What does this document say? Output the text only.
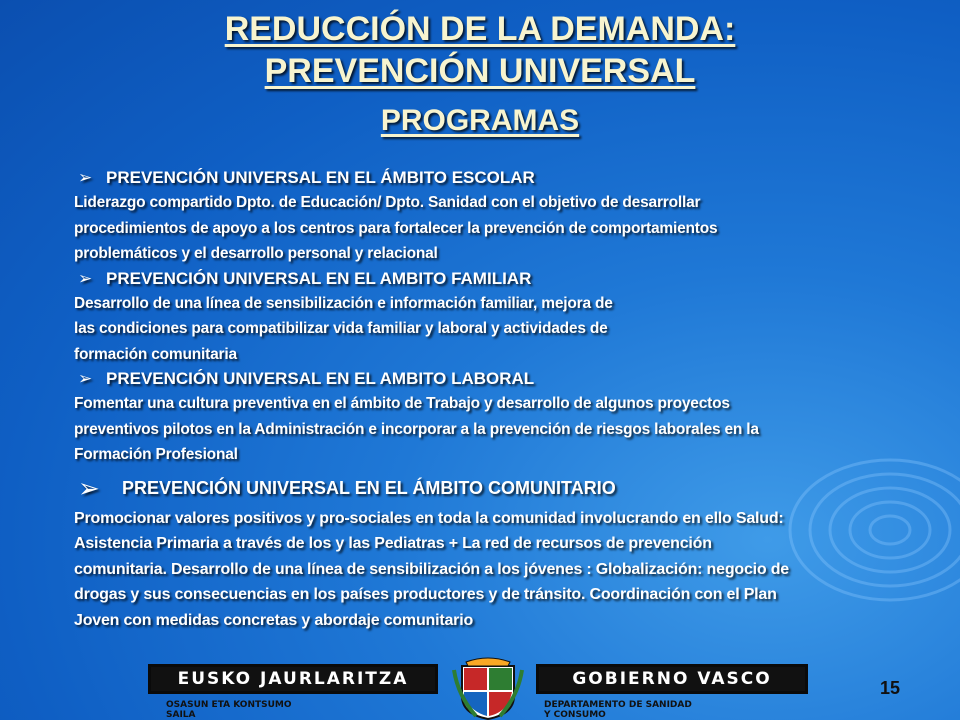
REDUCCIÓN DE LA DEMANDA:
PREVENCIÓN UNIVERSAL
PROGRAMAS
➢ PREVENCIÓN UNIVERSAL EN EL ÁMBITO ESCOLAR
Liderazgo compartido Dpto. de Educación/ Dpto. Sanidad con el objetivo de desarrollar
procedimientos de apoyo a los centros para fortalecer la prevención de comportamientos
problemáticos y el desarrollo personal y relacional
➢ PREVENCIÓN UNIVERSAL EN EL AMBITO FAMILIAR
Desarrollo de una línea de sensibilización e información familiar, mejora de
las condiciones para compatibilizar vida familiar y laboral y actividades de
formación comunitaria
➢ PREVENCIÓN UNIVERSAL EN EL AMBITO LABORAL
Fomentar una cultura preventiva en el ámbito de Trabajo y desarrollo de algunos proyectos
preventivos pilotos en la Administración e incorporar a la prevención de riesgos laborales en la
Formación Profesional
➢ PREVENCIÓN UNIVERSAL EN EL ÁMBITO COMUNITARIO
Promocionar valores positivos y pro-sociales en toda la comunidad involucrando en ello Salud:
Asistencia Primaria a través de los y las Pediatras + La red de recursos de prevención
comunitaria. Desarrollo de una línea de sensibilización a los jóvenes : Globalización: negocio de
drogas y sus consecuencias en los países productores y de tránsito. Coordinación con el Plan
Joven con medidas concretas y abordaje comunitario
EUSKO JAURLARITZA	GOBIERNO VASCO
OSASUN ETA KONTSUMO
SAILA
DEPARTAMENTO DE SANIDAD
Y CONSUMO
15
